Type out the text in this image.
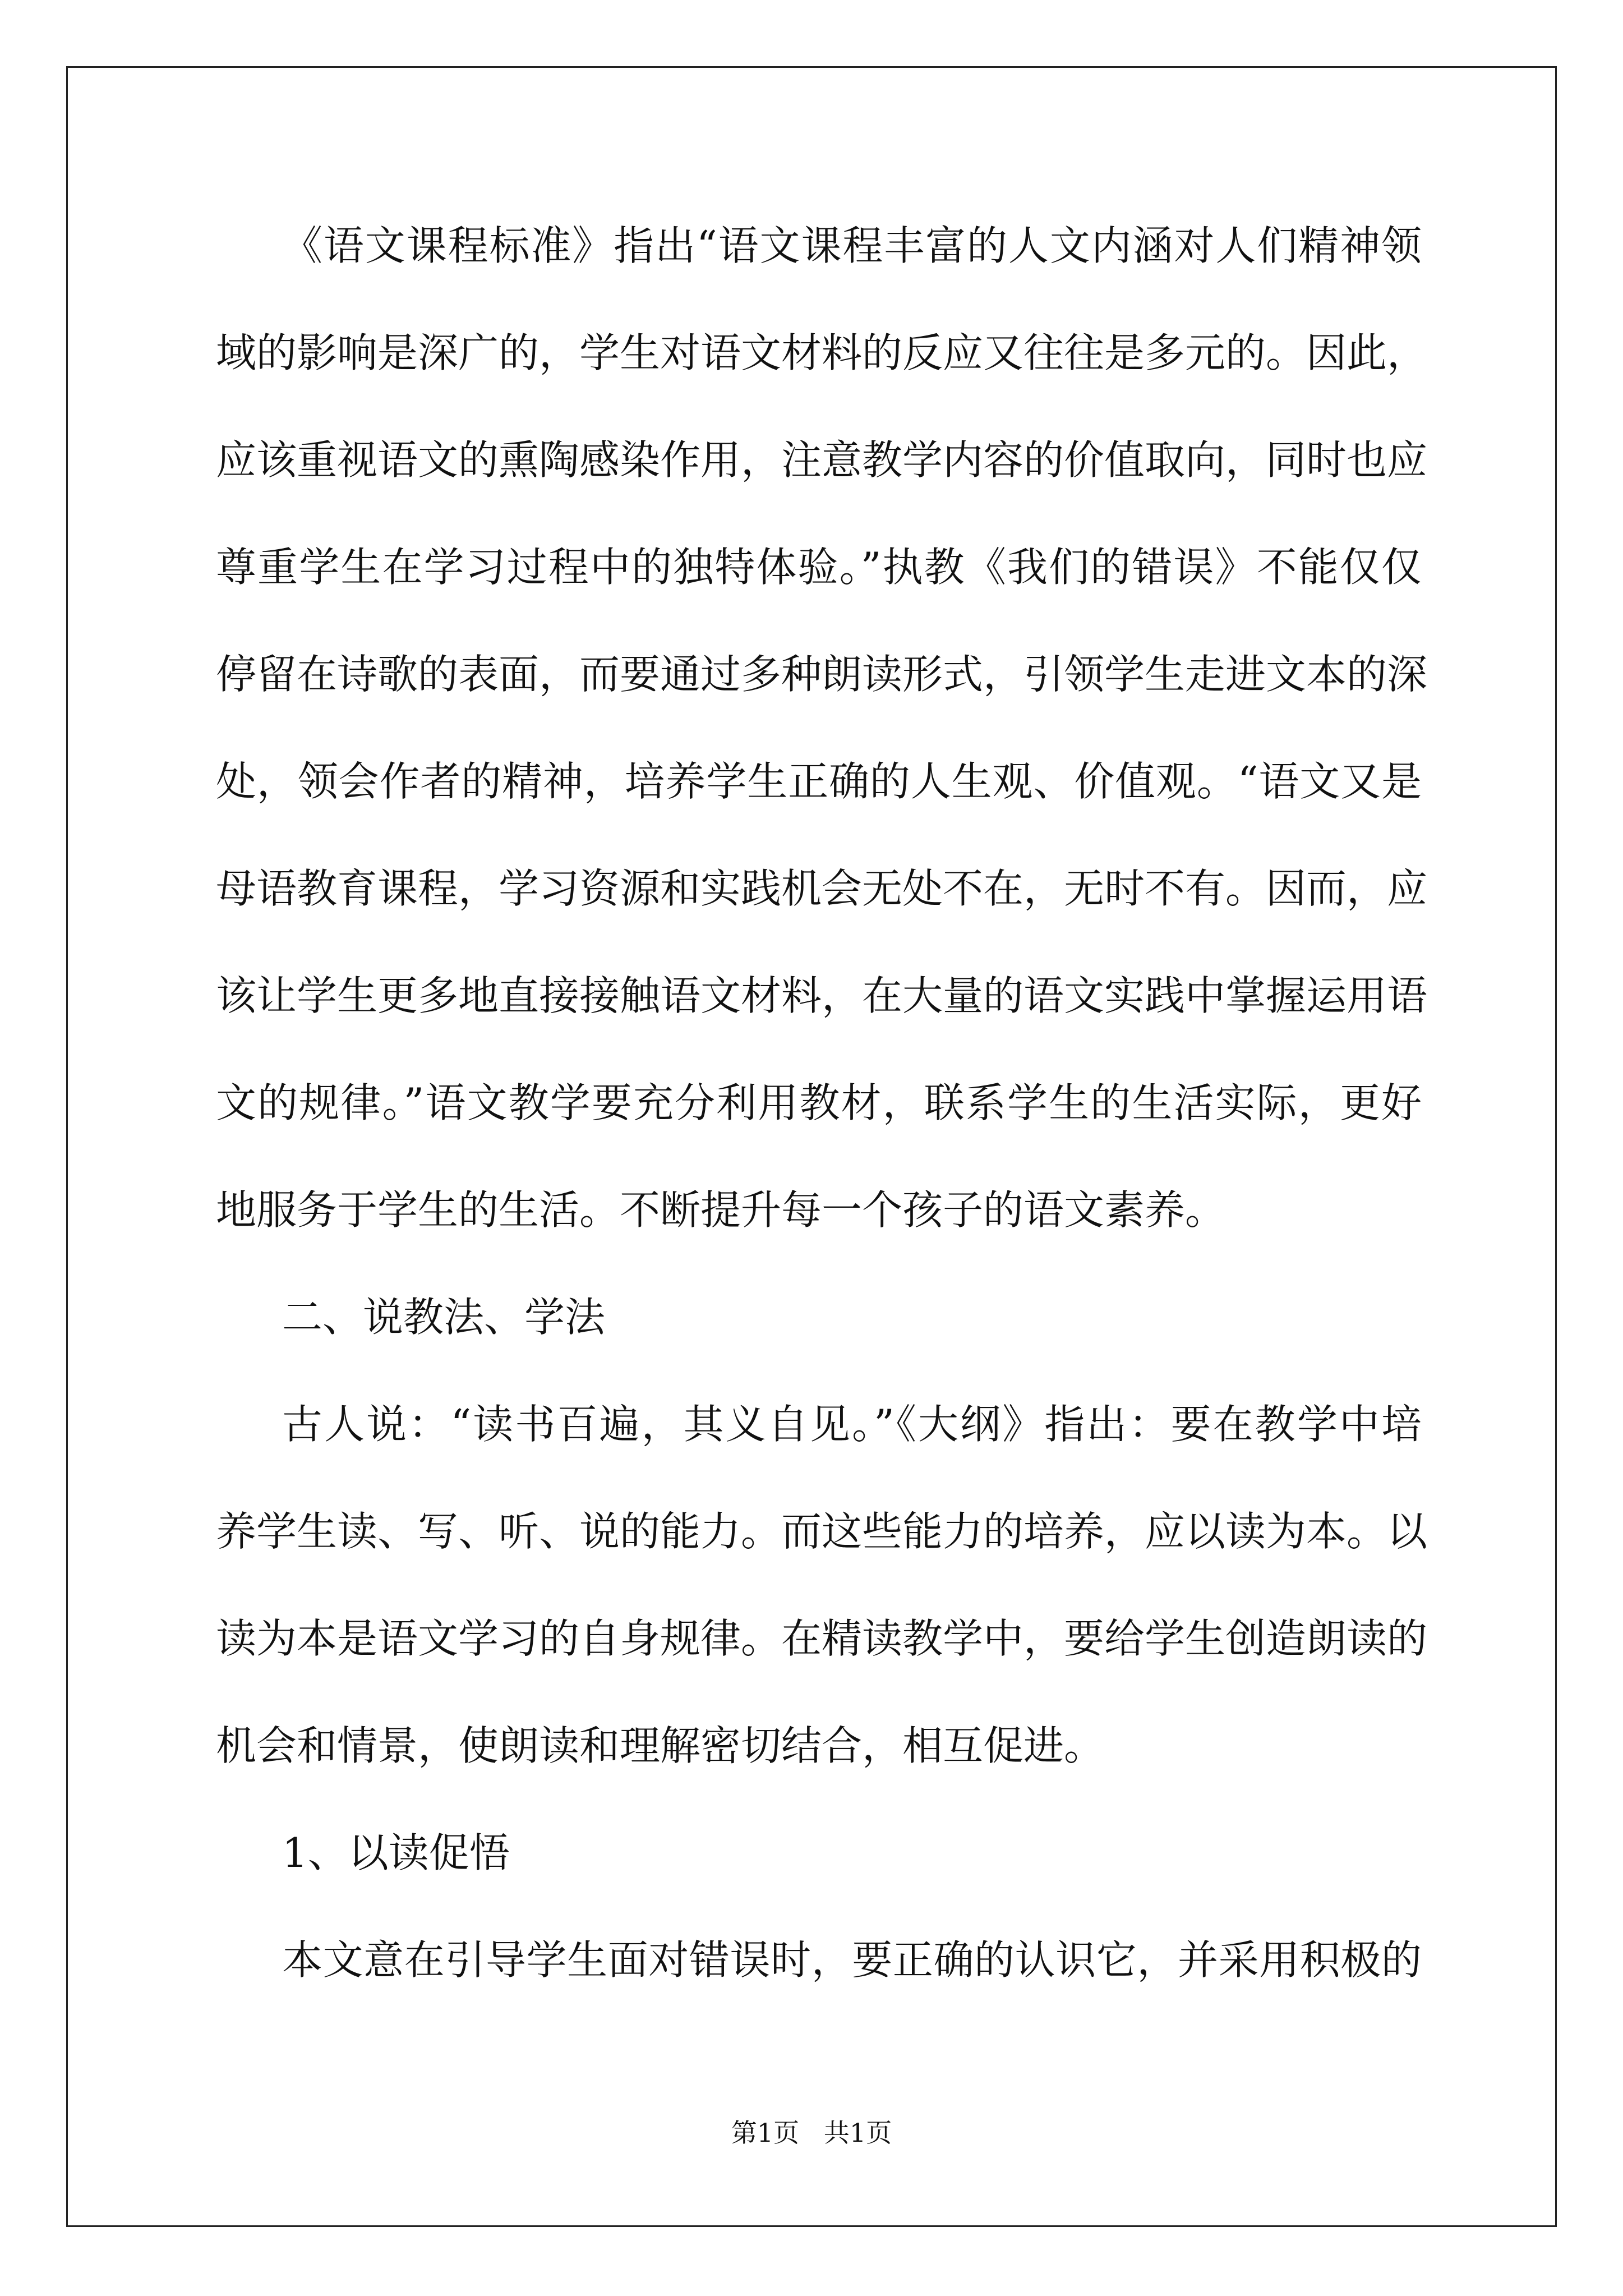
《语文课程标准》指出“语文课程丰富的人文内涵对人们精神领
域的影响是深广的，学生对语文材料的反应又往往是多元的。因此，
应该重视语文的熏陶感染作用，注意教学内容的价值取向，同时也应
尊重学生在学习过程中的独特体验。”执教《我们的错误》不能仅仅
停留在诗歌的表面，而要通过多种朗读形式，引领学生走进文本的深
处，领会作者的精神，培养学生正确的人生观、价值观。“语文又是
母语教育课程，学习资源和实践机会无处不在，无时不有。因而，应
该让学生更多地直接接触语文材料，在大量的语文实践中掌握运用语
文的规律。”语文教学要充分利用教材，联系学生的生活实际，更好
地服务于学生的生活。不断提升每一个孩子的语文素养。
二、说教法、学法
古人说：“读书百遍，其义自见。”《大纲》指出：要在教学中培
养学生读、写、听、说的能力。而这些能力的培养，应以读为本。以
读为本是语文学习的自身规律。在精读教学中，要给学生创造朗读的
机会和情景，使朗读和理解密切结合，相互促进。
1、以读促悟
本文意在引导学生面对错误时，要正确的认识它，并采用积极的
第1页   共1页
